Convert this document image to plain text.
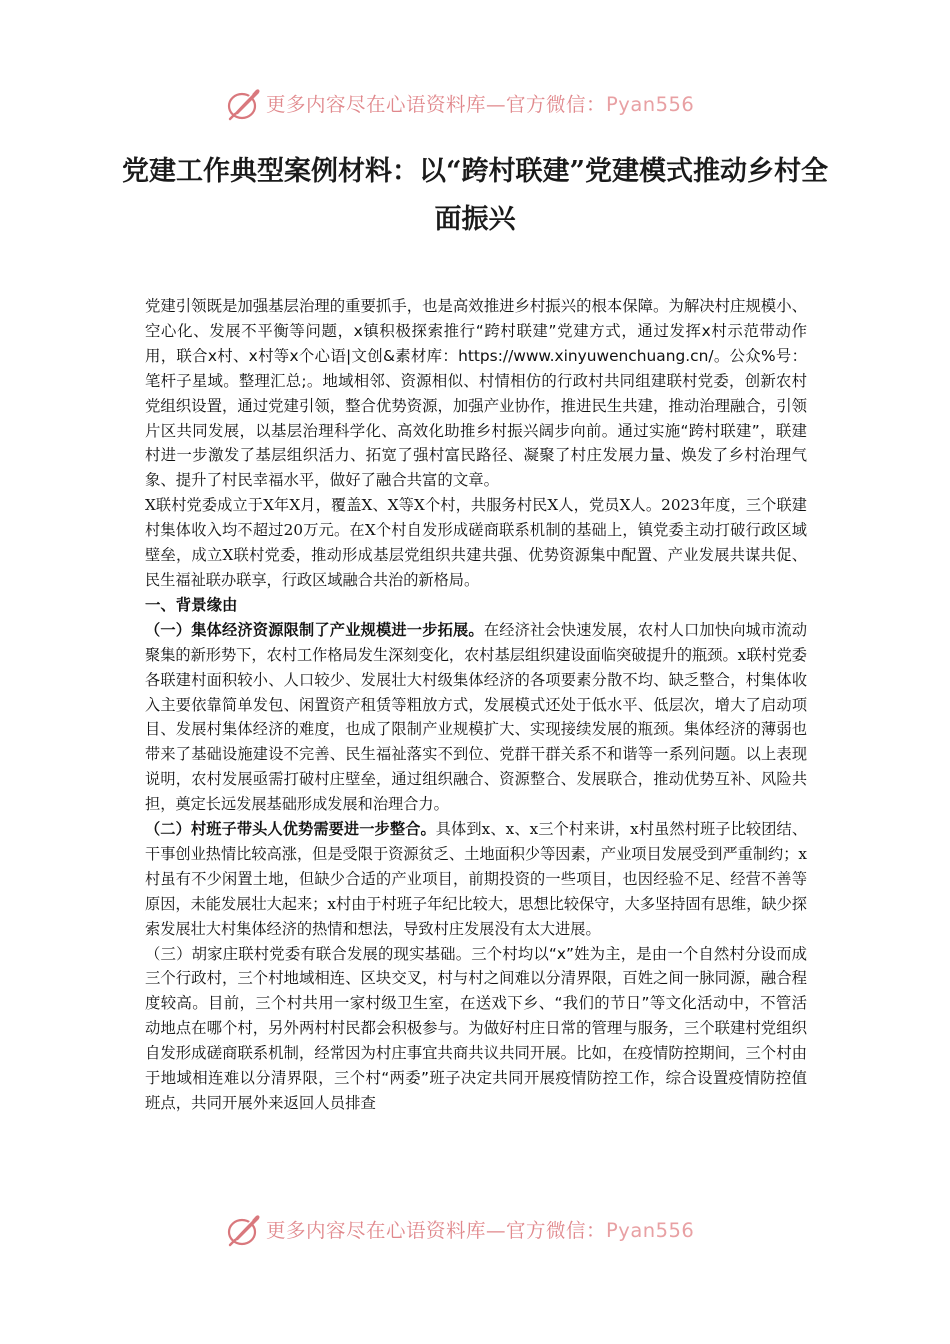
更多内容尽在心语资料库—官方微信：Pyan556
党建工作典型案例材料：以“跨村联建”党建模式推动乡村全面振兴

党建引领既是加强基层治理的重要抓手，也是高效推进乡村振兴的根本保障。为解决村庄规模小、空心化、发展不平衡等问题，x镇积极探索推行“跨村联建”党建方式，通过发挥x村示范带动作用，联合x村、x村等x个心语|文创&素材库：https://www.xinyuwenchuang.cn/。公众%号：笔杆子星域。整理汇总;。地域相邻、资源相似、村情相仿的行政村共同组建联村党委，创新农村党组织设置，通过党建引领，整合优势资源，加强产业协作，推进民生共建，推动治理融合，引领片区共同发展，以基层治理科学化、高效化助推乡村振兴阔步向前。通过实施“跨村联建”，联建村进一步激发了基层组织活力、拓宽了强村富民路径、凝聚了村庄发展力量、焕发了乡村治理气象、提升了村民幸福水平，做好了融合共富的文章。

X联村党委成立于X年X月，覆盖X、X等X个村，共服务村民X人，党员X人。2023年度，三个联建村集体收入均不超过20万元。在X个村自发形成磋商联系机制的基础上，镇党委主动打破行政区域壁垒，成立X联村党委，推动形成基层党组织共建共强、优势资源集中配置、产业发展共谋共促、民生福祉联办联享，行政区域融合共治的新格局。

一、背景缘由

（一）集体经济资源限制了产业规模进一步拓展。在经济社会快速发展，农村人口加快向城市流动聚集的新形势下，农村工作格局发生深刻变化，农村基层组织建设面临突破提升的瓶颈。x联村党委各联建村面积较小、人口较少、发展壮大村级集体经济的各项要素分散不均、缺乏整合，村集体收入主要依靠简单发包、闲置资产租赁等粗放方式，发展模式还处于低水平、低层次，增大了启动项目、发展村集体经济的难度，也成了限制产业规模扩大、实现接续发展的瓶颈。集体经济的薄弱也带来了基础设施建设不完善、民生福祉落实不到位、党群干群关系不和谐等一系列问题。以上表现说明，农村发展亟需打破村庄壁垒，通过组织融合、资源整合、发展联合，推动优势互补、风险共担，奠定长远发展基础形成发展和治理合力。

（二）村班子带头人优势需要进一步整合。具体到x、x、x三个村来讲，x村虽然村班子比较团结、干事创业热情比较高涨，但是受限于资源贫乏、土地面积少等因素，产业项目发展受到严重制约；x村虽有不少闲置土地，但缺少合适的产业项目，前期投资的一些项目，也因经验不足、经营不善等原因，未能发展壮大起来；x村由于村班子年纪比较大，思想比较保守，大多坚持固有思维，缺少探索发展壮大村集体经济的热情和想法，导致村庄发展没有太大进展。

（三）胡家庄联村党委有联合发展的现实基础。三个村均以“x”姓为主，是由一个自然村分设而成三个行政村，三个村地域相连、区块交叉，村与村之间难以分清界限，百姓之间一脉同源，融合程度较高。目前，三个村共用一家村级卫生室，在送戏下乡、“我们的节日”等文化活动中，不管活动地点在哪个村，另外两村村民都会积极参与。为做好村庄日常的管理与服务，三个联建村党组织自发形成磋商联系机制，经常因为村庄事宜共商共议共同开展。比如，在疫情防控期间，三个村由于地域相连难以分清界限，三个村“两委”班子决定共同开展疫情防控工作，综合设置疫情防控值班点，共同开展外来返回人员排查

更多内容尽在心语资料库—官方微信：Pyan556
